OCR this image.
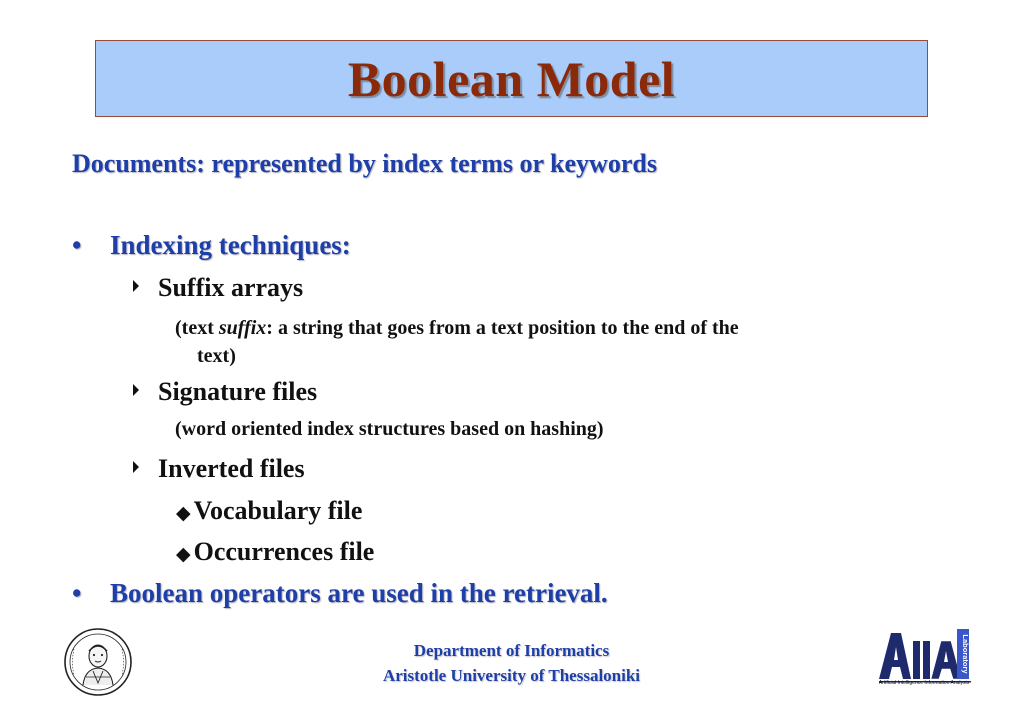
Boolean Model
Documents: represented by index terms or keywords
• Indexing techniques:
Suffix arrays
(text suffix: a string that goes from a text position to the end of the
text)
Signature files
(word oriented index structures based on hashing)
Inverted files
◆ Vocabulary file
◆ Occurrences file
• Boolean operators are used in the retrieval.
Department of Informatics
Aristotle University of Thessaloniki
Laboratory
Artificial Intelligence Information Analysis
